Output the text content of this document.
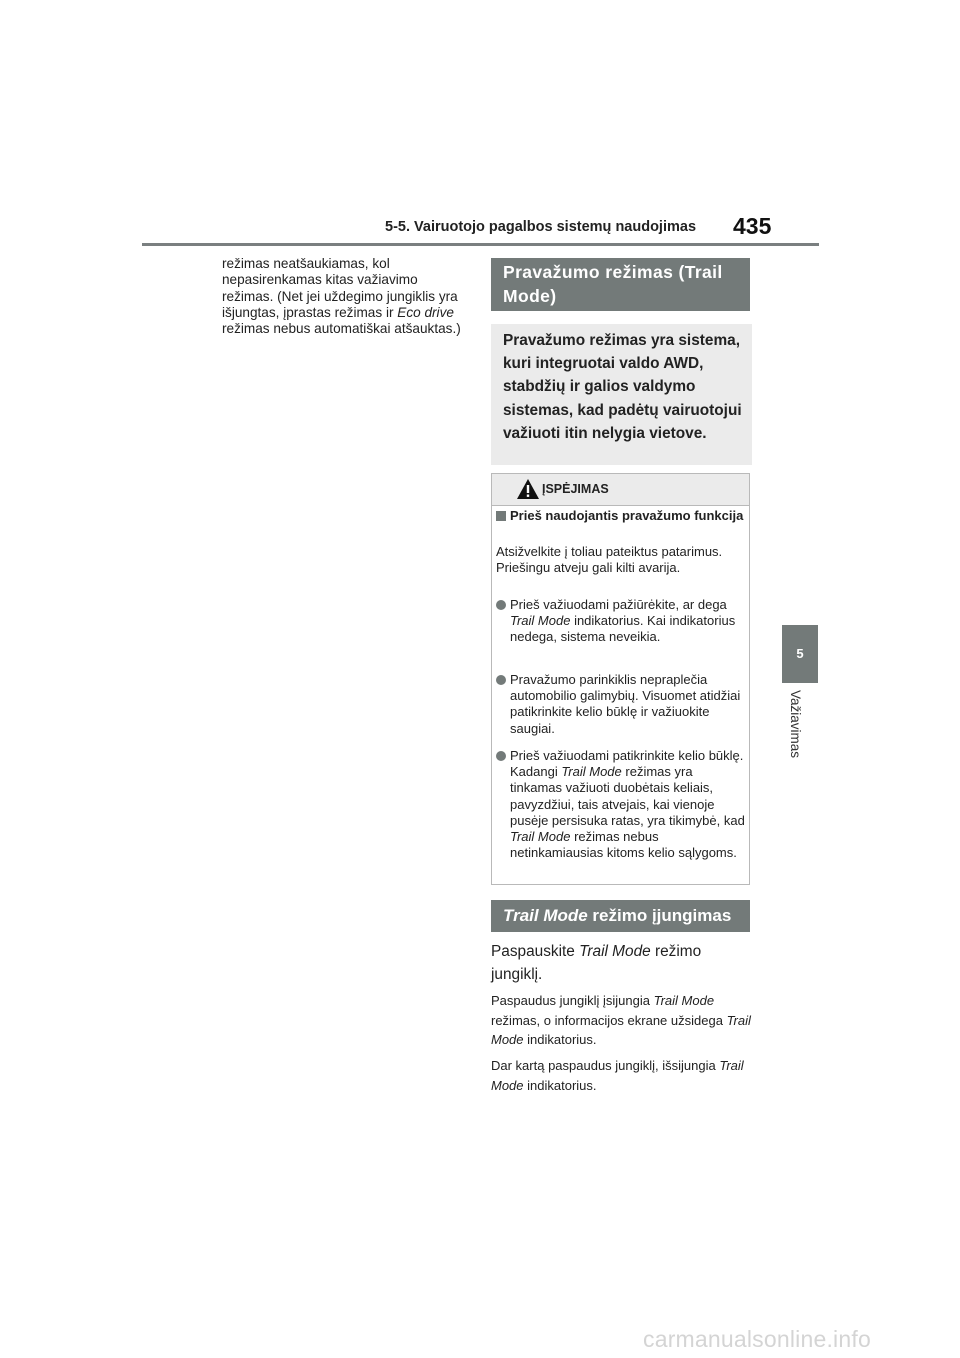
5-5. Vairuotojo pagalbos sistemų naudojimas 435
5
Važiavimas
režimas neatšaukiamas, kol nepasirenkamas kitas važiavimo režimas. (Net jei uždegimo jungiklis yra išjungtas, įprastas režimas ir Eco drive režimas nebus automatiškai atšauktas.)
Pravažumo režimas (Trail Mode)
Pravažumo režimas yra sistema, kuri integruotai valdo AWD, stabdžių ir galios valdymo sistemas, kad padėtų vairuotojui važiuoti itin nelygia vietove.
ĮSPĖJIMAS
Prieš naudojantis pravažumo funkcija
Atsižvelkite į toliau pateiktus patarimus. Priešingu atveju gali kilti avarija.
Prieš važiuodami pažiūrėkite, ar dega Trail Mode indikatorius. Kai indikatorius nedega, sistema neveikia.
Pravažumo parinkiklis nepraplečia automobilio galimybių. Visuomet atidžiai patikrinkite kelio būklę ir važiuokite saugiai.
Prieš važiuodami patikrinkite kelio būklę. Kadangi Trail Mode režimas yra tinkamas važiuoti duobėtais keliais, pavyzdžiui, tais atvejais, kai vienoje pusėje persisuka ratas, yra tikimybė, kad Trail Mode režimas nebus netinkamiausias kitoms kelio sąlygoms.
Trail Mode režimo įjungimas
Paspauskite Trail Mode režimo jungiklį.
Paspaudus jungiklį įsijungia Trail Mode režimas, o informacijos ekrane užsidega Trail Mode indikatorius.
Dar kartą paspaudus jungiklį, išsijungia Trail Mode indikatorius.
carmanualsonline.info
